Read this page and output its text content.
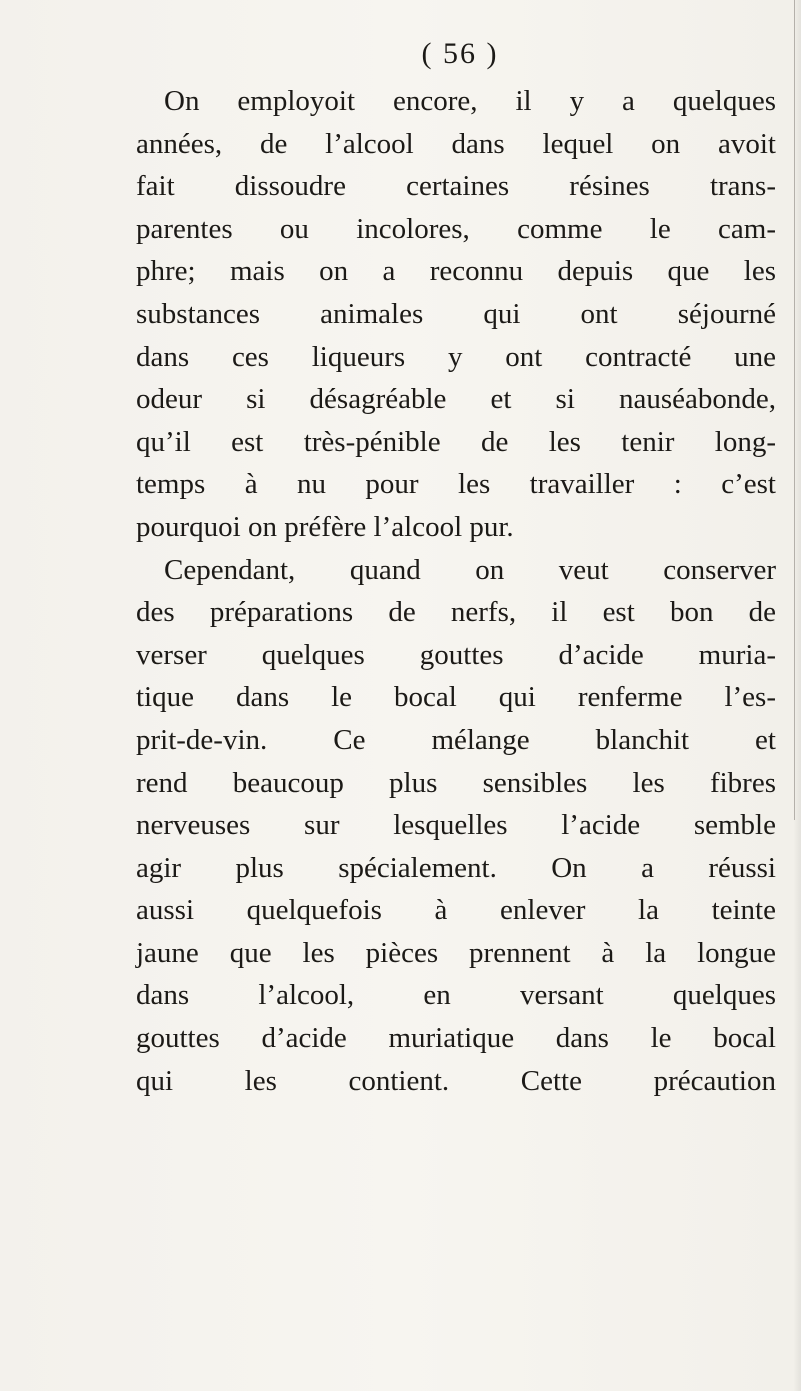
( 56 )
On employoit encore, il y a quelques
années, de l’alcool dans lequel on avoit
fait dissoudre certaines résines trans-
parentes ou incolores, comme le cam-
phre; mais on a reconnu depuis que les
substances animales qui ont séjourné
dans ces liqueurs y ont contracté une
odeur si désagréable et si nauséabonde,
qu’il est très-pénible de les tenir long-
temps à nu pour les travailler : c’est
pourquoi on préfère l’alcool pur.
Cependant, quand on veut conserver
des préparations de nerfs, il est bon de
verser quelques gouttes d’acide muria-
tique dans le bocal qui renferme l’es-
prit-de-vin. Ce mélange blanchit et
rend beaucoup plus sensibles les fibres
nerveuses sur lesquelles l’acide semble
agir plus spécialement. On a réussi
aussi quelquefois à enlever la teinte
jaune que les pièces prennent à la longue
dans l’alcool, en versant quelques
gouttes d’acide muriatique dans le bocal
qui les contient. Cette précaution
